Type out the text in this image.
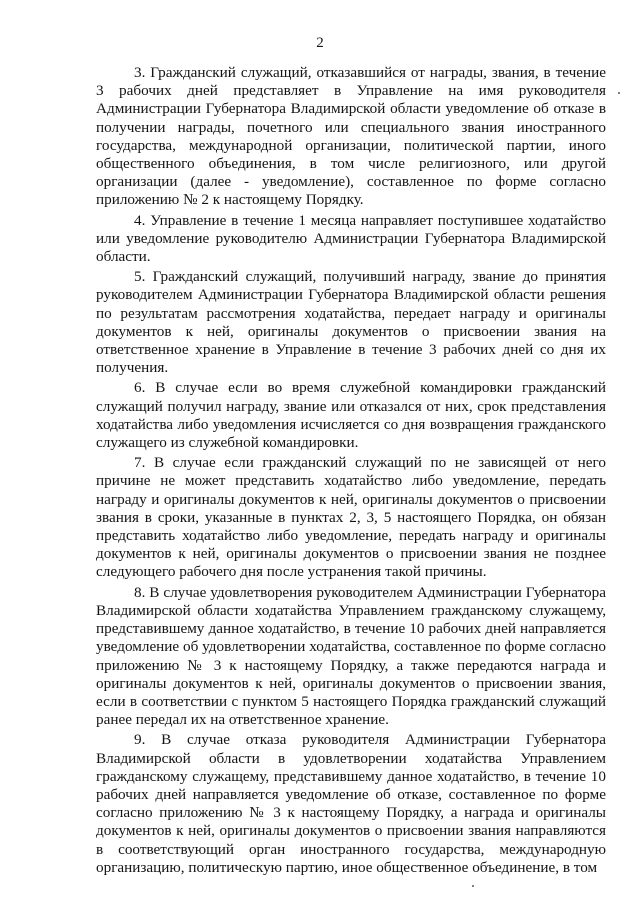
2

3. Гражданский служащий, отказавшийся от награды, звания, в течение 3 рабочих дней представляет в Управление на имя руководителя Администрации Губернатора Владимирской области уведомление об отказе в получении награды, почетного или специального звания иностранного государства, международной организации, политической партии, иного общественного объединения, в том числе религиозного, или другой организации (далее - уведомление), составленное по форме согласно приложению № 2 к настоящему Порядку.

4. Управление в течение 1 месяца направляет поступившее ходатайство или уведомление руководителю Администрации Губернатора Владимирской области.

5. Гражданский служащий, получивший награду, звание до принятия руководителем Администрации Губернатора Владимирской области решения по результатам рассмотрения ходатайства, передает награду и оригиналы документов к ней, оригиналы документов о присвоении звания на ответственное хранение в Управление в течение 3 рабочих дней со дня их получения.

6. В случае если во время служебной командировки гражданский служащий получил награду, звание или отказался от них, срок представления ходатайства либо уведомления исчисляется со дня возвращения гражданского служащего из служебной командировки.

7. В случае если гражданский служащий по не зависящей от него причине не может представить ходатайство либо уведомление, передать награду и оригиналы документов к ней, оригиналы документов о присвоении звания в сроки, указанные в пунктах 2, 3, 5 настоящего Порядка, он обязан представить ходатайство либо уведомление, передать награду и оригиналы документов к ней, оригиналы документов о присвоении звания не позднее следующего рабочего дня после устранения такой причины.

8. В случае удовлетворения руководителем Администрации Губернатора Владимирской области ходатайства Управлением гражданскому служащему, представившему данное ходатайство, в течение 10 рабочих дней направляется уведомление об удовлетворении ходатайства, составленное по форме согласно приложению № 3 к настоящему Порядку, а также передаются награда и оригиналы документов к ней, оригиналы документов о присвоении звания, если в соответствии с пунктом 5 настоящего Порядка гражданский служащий ранее передал их на ответственное хранение.

9. В случае отказа руководителя Администрации Губернатора Владимирской области в удовлетворении ходатайства Управлением гражданскому служащему, представившему данное ходатайство, в течение 10 рабочих дней направляется уведомление об отказе, составленное по форме согласно приложению № 3 к настоящему Порядку, а награда и оригиналы документов к ней, оригиналы документов о присвоении звания направляются в соответствующий орган иностранного государства, международную организацию, политическую партию, иное общественное объединение, в том
